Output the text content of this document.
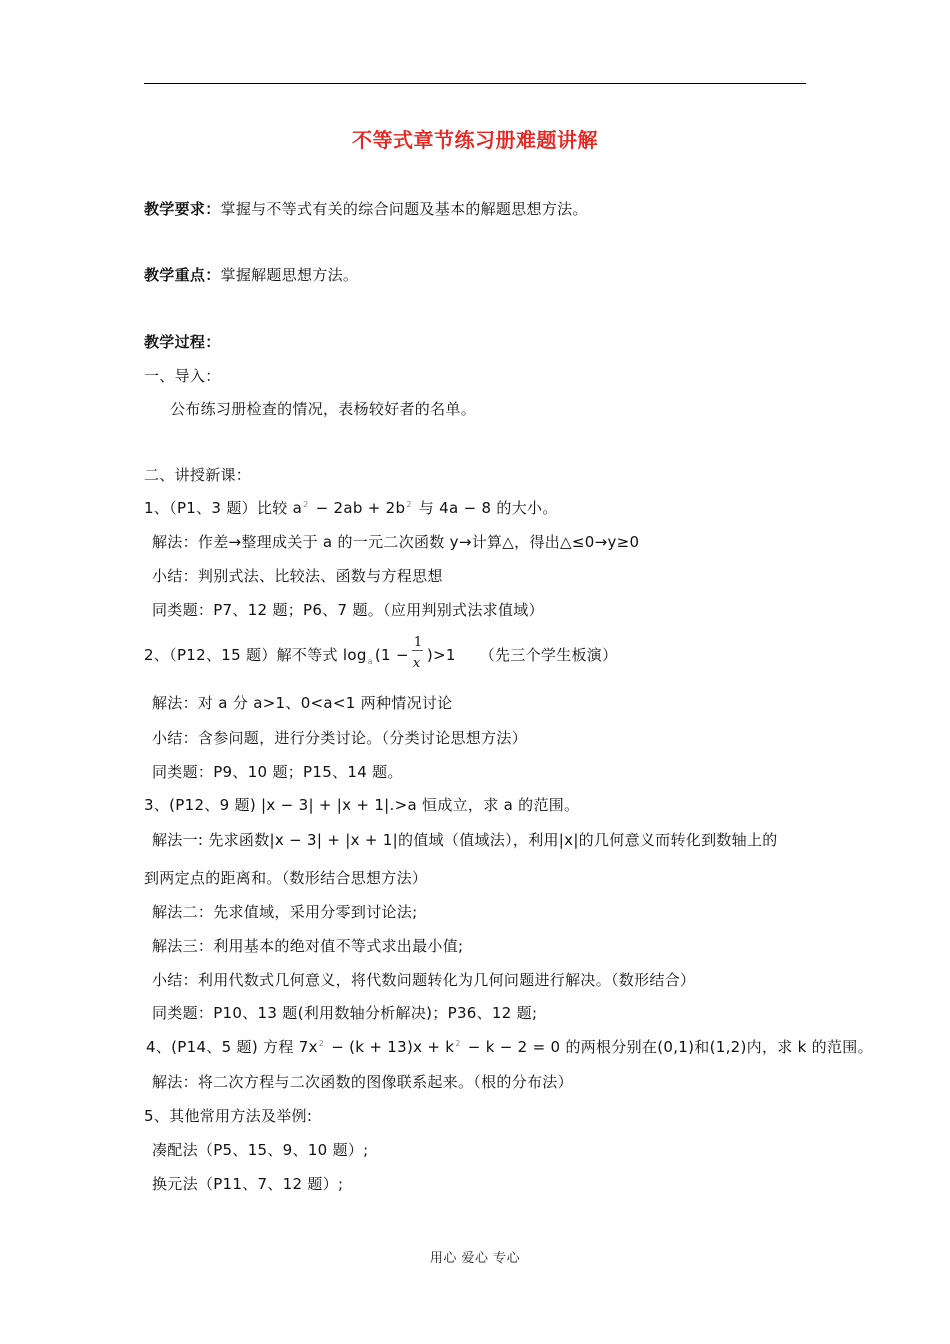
不等式章节练习册难题讲解
教学要求：掌握与不等式有关的综合问题及基本的解题思想方法。
教学重点：掌握解题思想方法。
教学过程：
一、导入：
公布练习册检查的情况，表杨较好者的名单。
二、讲授新课：
1、（P1、3 题）比较 $a^2 - 2ab + 2b^2$ 与 4a − 8 的大小。
解法：作差→整理成关于 a 的一元二次函数 y→计算△，得出△≤0→y≥0
小结：判别式法、比较法、函数与方程思想
同类题：P7、12 题；P6、7 题。（应用判别式法求值域）
2、（P12、15 题）解不等式 $\log_a (1 - \frac{1}{x} )>1$ （先三个学生板演）
解法：对 a 分 a>1、0<a<1 两种情况讨论
小结：含参问题，进行分类讨论。（分类讨论思想方法）
同类题：P9、10 题；P15、14 题。
3、(P12、9 题) |x − 3| + |x + 1|.>a 恒成立，求 a 的范围。
解法一: 先求函数|x − 3| + |x + 1|的值域（值域法），利用|x|的几何意义而转化到数轴上的
到两定点的距离和。（数形结合思想方法）
解法二：先求值域，采用分零到讨论法;
解法三：利用基本的绝对值不等式求出最小值;
小结：利用代数式几何意义，将代数问题转化为几何问题进行解决。（数形结合）
同类题：P10、13 题(利用数轴分析解决)；P36、12 题;
4、(P14、5 题) 方程 $7x^2 - (k + 13)x + k^2 - k - 2 = 0$ 的两根分别在(0,1)和(1,2)内，求 k 的范围。
解法：将二次方程与二次函数的图像联系起来。（根的分布法）
5、其他常用方法及举例:
凑配法（P5、15、9、10 题）;
换元法（P11、7、12 题）;
用心 爱心 专心
